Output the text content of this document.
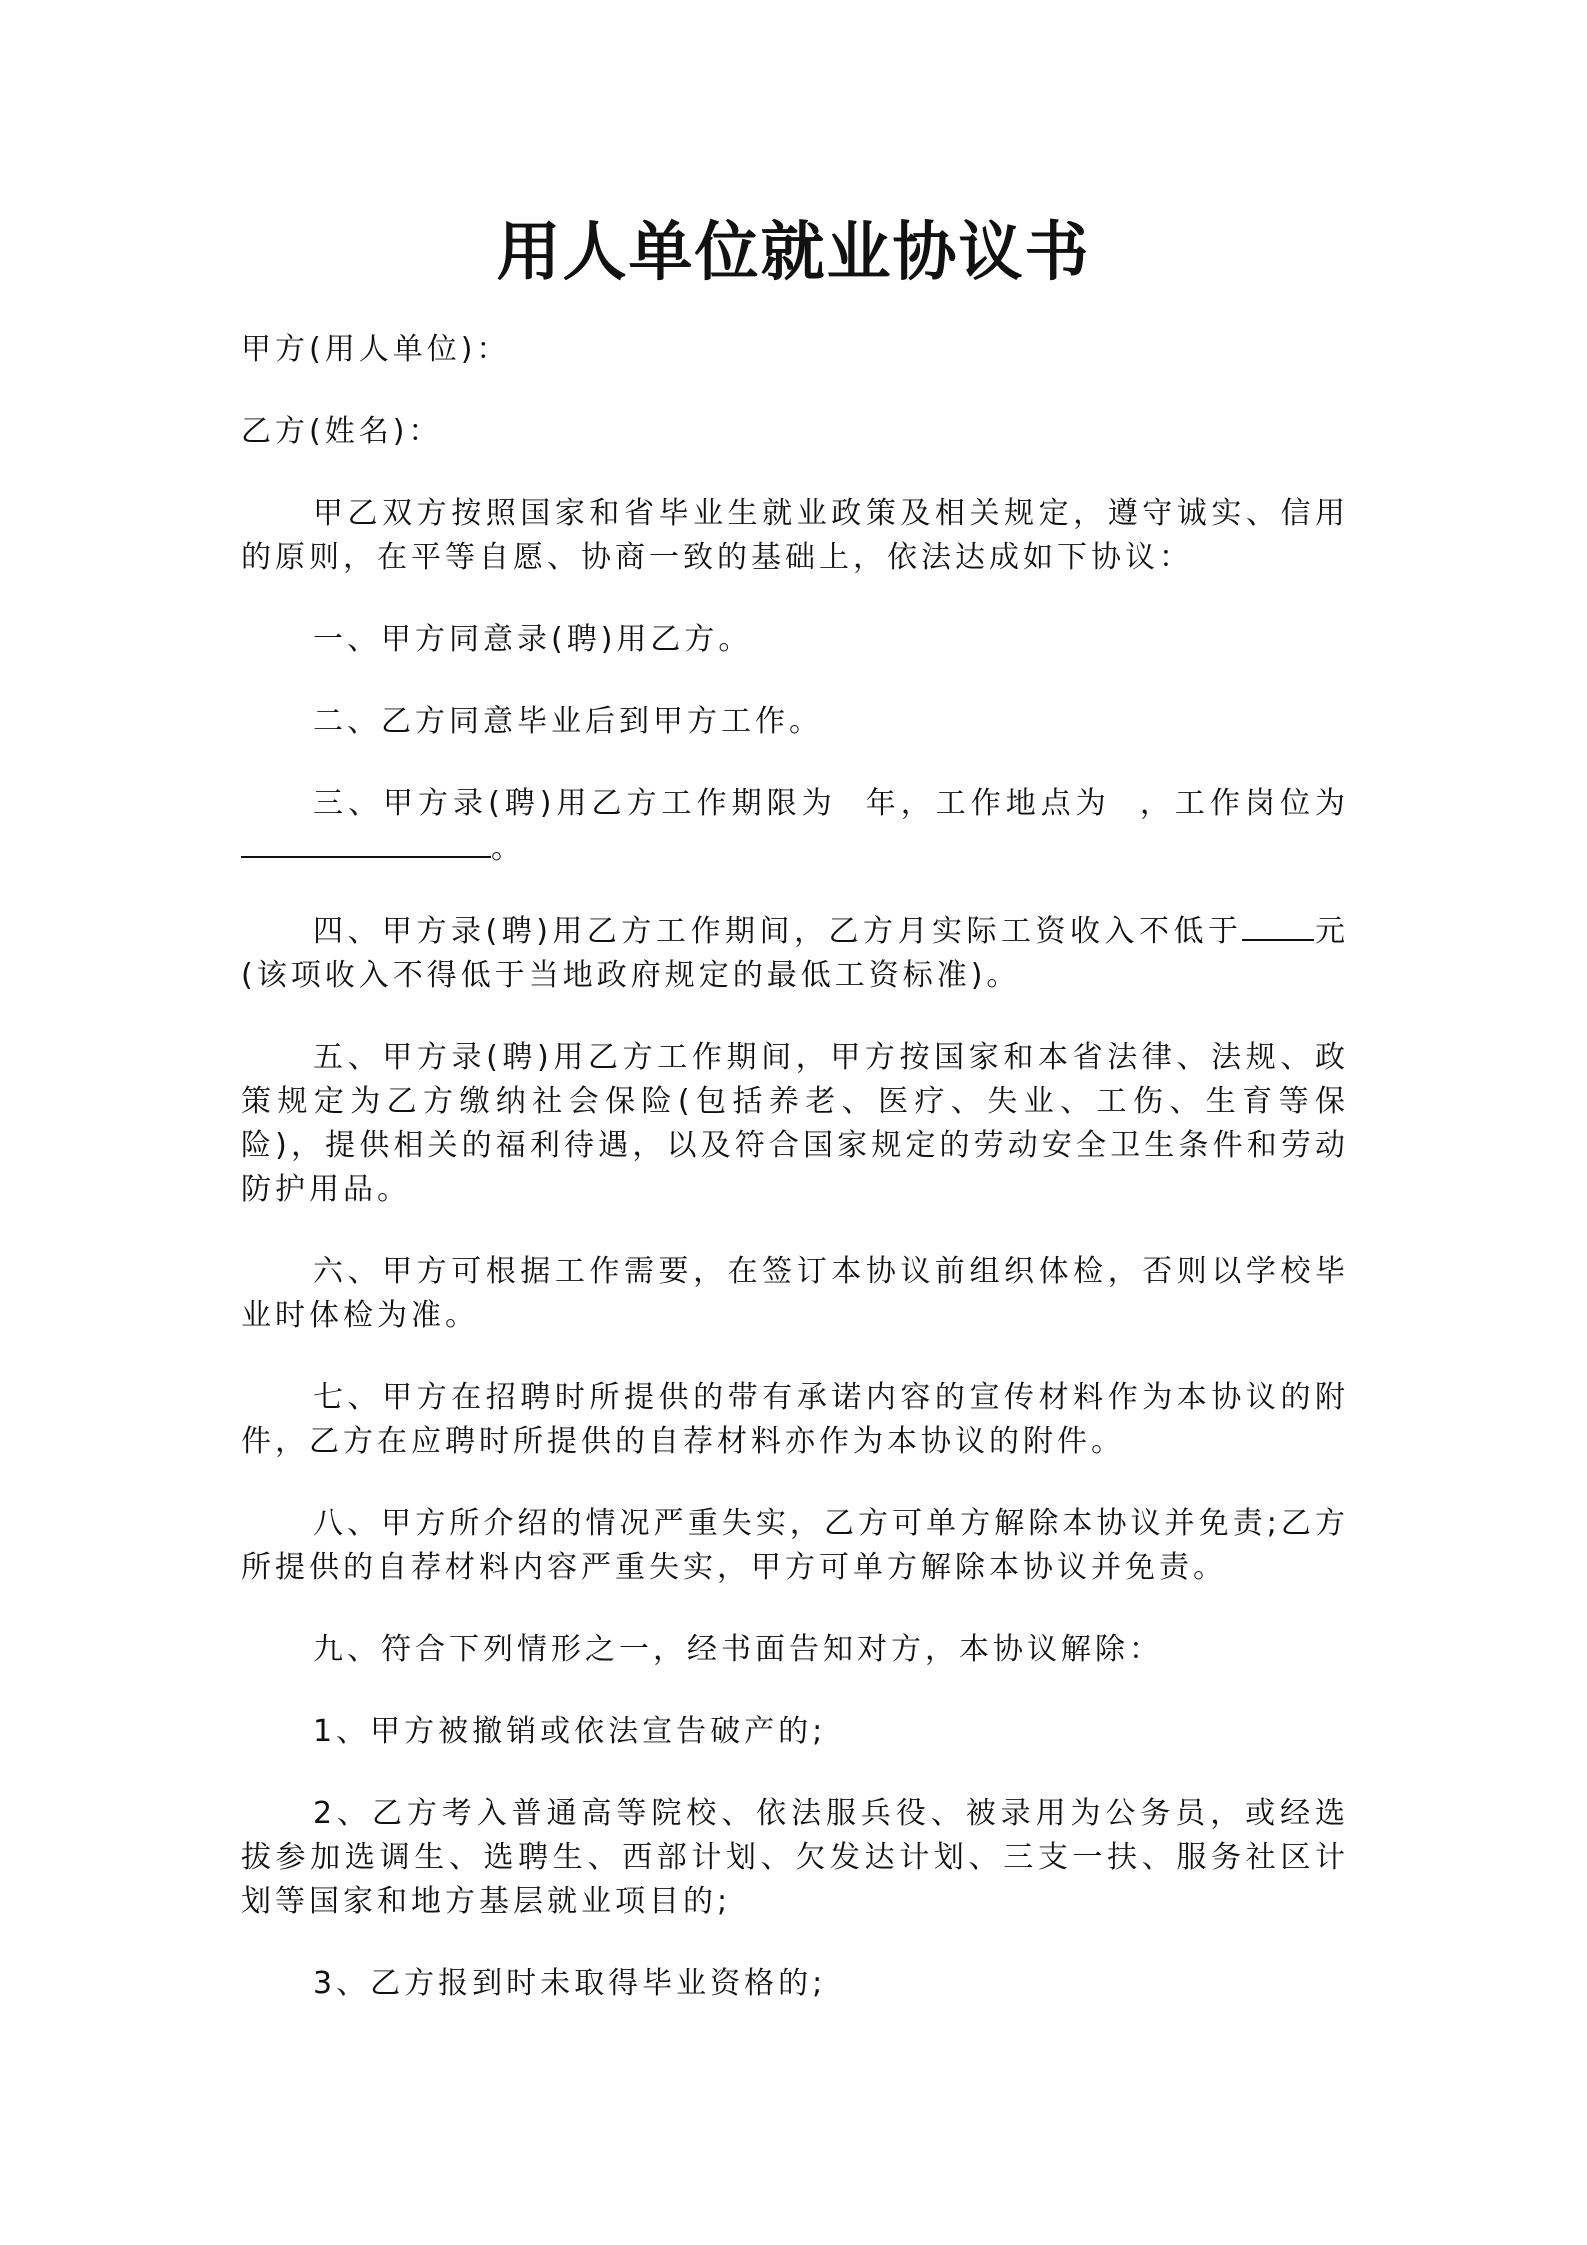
用人单位就业协议书

甲方(用人单位)：

乙方(姓名)：

甲乙双方按照国家和省毕业生就业政策及相关规定，遵守诚实、信用的原则，在平等自愿、协商一致的基础上，依法达成如下协议：

一、甲方同意录(聘)用乙方。

二、乙方同意毕业后到甲方工作。

三、甲方录(聘)用乙方工作期限为  年，工作地点为  ，工作岗位为。

四、甲方录(聘)用乙方工作期间，乙方月实际工资收入不低于 元(该项收入不得低于当地政府规定的最低工资标准)。

五、甲方录(聘)用乙方工作期间，甲方按国家和本省法律、法规、政策规定为乙方缴纳社会保险(包括养老、医疗、失业、工伤、生育等保险)，提供相关的福利待遇，以及符合国家规定的劳动安全卫生条件和劳动防护用品。

六、甲方可根据工作需要，在签订本协议前组织体检，否则以学校毕业时体检为准。

七、甲方在招聘时所提供的带有承诺内容的宣传材料作为本协议的附件，乙方在应聘时所提供的自荐材料亦作为本协议的附件。

八、甲方所介绍的情况严重失实，乙方可单方解除本协议并免责;乙方所提供的自荐材料内容严重失实，甲方可单方解除本协议并免责。

九、符合下列情形之一，经书面告知对方，本协议解除：

1、甲方被撤销或依法宣告破产的;

2、乙方考入普通高等院校、依法服兵役、被录用为公务员，或经选拔参加选调生、选聘生、西部计划、欠发达计划、三支一扶、服务社区计划等国家和地方基层就业项目的;

3、乙方报到时未取得毕业资格的;
